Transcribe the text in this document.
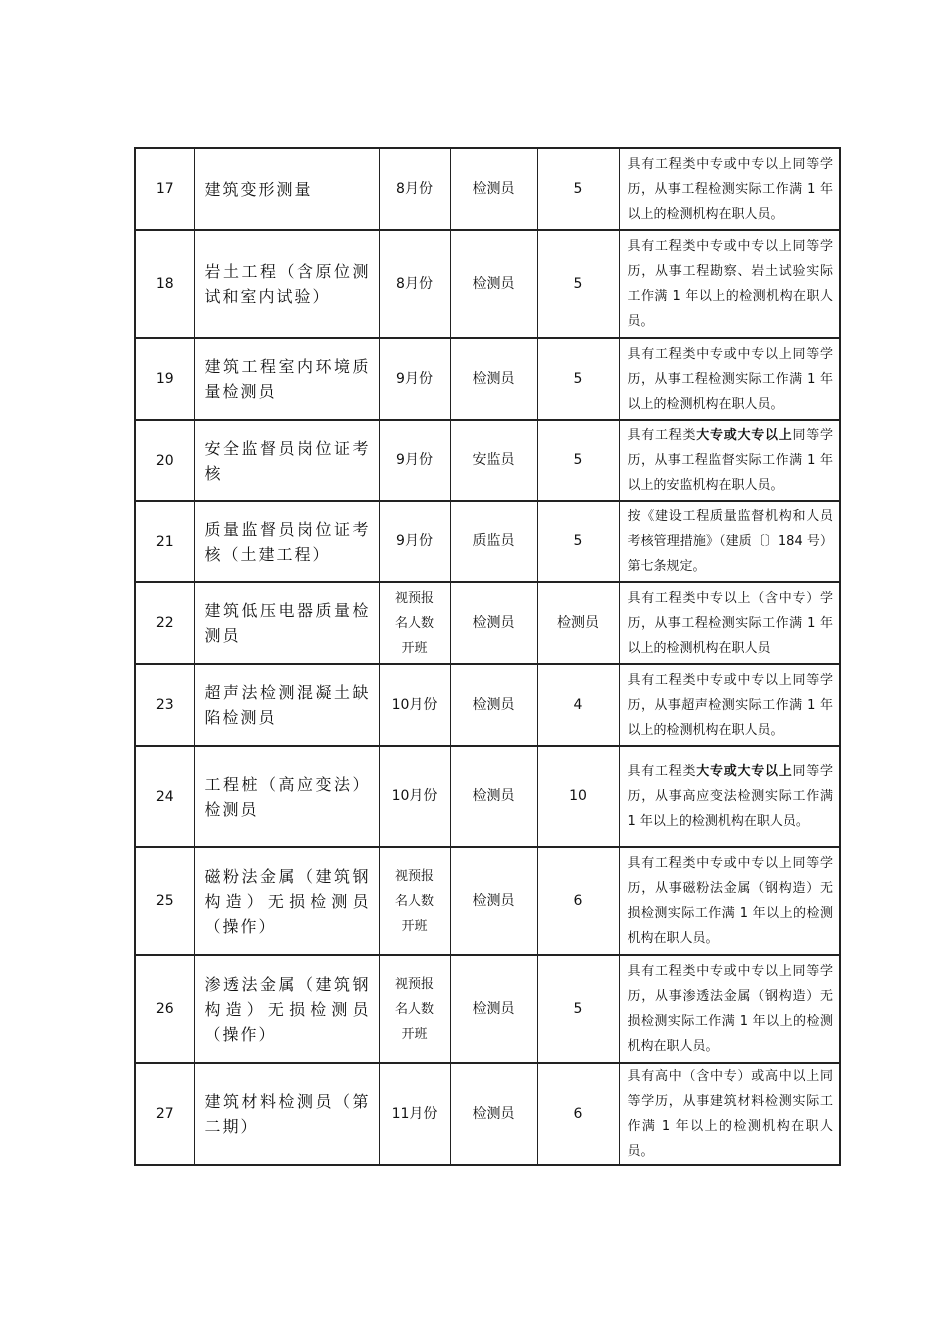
17	建筑变形测量	8月份	检测员	5	具有工程类中专或中专以上同等学历，从事工程检测实际工作满 1 年以上的检测机构在职人员。
18	岩土工程（含原位测试和室内试验）	8月份	检测员	5	具有工程类中专或中专以上同等学历，从事工程勘察、岩土试验实际工作满 1 年以上的检测机构在职人员。
19	建筑工程室内环境质量检测员	9月份	检测员	5	具有工程类中专或中专以上同等学历，从事工程检测实际工作满 1 年以上的检测机构在职人员。
20	安全监督员岗位证考核	9月份	安监员	5	具有工程类大专或大专以上同等学历，从事工程监督实际工作满 1 年以上的安监机构在职人员。
21	质量监督员岗位证考核（土建工程）	9月份	质监员	5	按《建设工程质量监督机构和人员考核管理措施》（建质〔〕184 号）第七条规定。
22	建筑低压电器质量检测员	视预报名人数开班	检测员	检测员	具有工程类中专以上（含中专）学历，从事工程检测实际工作满 1 年以上的检测机构在职人员
23	超声法检测混凝土缺陷检测员	10月份	检测员	4	具有工程类中专或中专以上同等学历，从事超声检测实际工作满 1 年以上的检测机构在职人员。
24	工程桩（高应变法）检测员	10月份	检测员	10	具有工程类大专或大专以上同等学历，从事高应变法检测实际工作满 1 年以上的检测机构在职人员。
25	磁粉法金属（建筑钢构造）无损检测员（操作）	视预报名人数开班	检测员	6	具有工程类中专或中专以上同等学历，从事磁粉法金属（钢构造）无损检测实际工作满 1 年以上的检测机构在职人员。
26	渗透法金属（建筑钢构造）无损检测员（操作）	视预报名人数开班	检测员	5	具有工程类中专或中专以上同等学历，从事渗透法金属（钢构造）无损检测实际工作满 1 年以上的检测机构在职人员。
27	建筑材料检测员（第二期）	11月份	检测员	6	具有高中（含中专）或高中以上同等学历，从事建筑材料检测实际工作满 1 年以上的检测机构在职人员。
